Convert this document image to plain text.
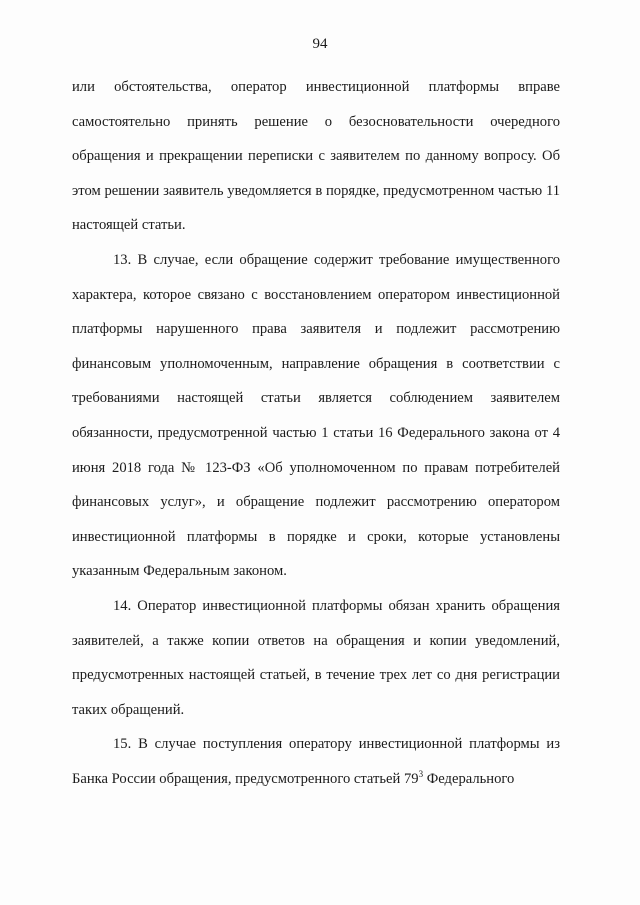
94

или обстоятельства, оператор инвестиционной платформы вправе самостоятельно принять решение о безосновательности очередного обращения и прекращении переписки с заявителем по данному вопросу. Об этом решении заявитель уведомляется в порядке, предусмотренном частью 11 настоящей статьи.

13. В случае, если обращение содержит требование имущественного характера, которое связано с восстановлением оператором инвестиционной платформы нарушенного права заявителя и подлежит рассмотрению финансовым уполномоченным, направление обращения в соответствии с требованиями настоящей статьи является соблюдением заявителем обязанности, предусмотренной частью 1 статьи 16 Федерального закона от 4 июня 2018 года № 123-ФЗ «Об уполномоченном по правам потребителей финансовых услуг», и обращение подлежит рассмотрению оператором инвестиционной платформы в порядке и сроки, которые установлены указанным Федеральным законом.

14. Оператор инвестиционной платформы обязан хранить обращения заявителей, а также копии ответов на обращения и копии уведомлений, предусмотренных настоящей статьей, в течение трех лет со дня регистрации таких обращений.

15. В случае поступления оператору инвестиционной платформы из Банка России обращения, предусмотренного статьей $79^3$ Федерального
